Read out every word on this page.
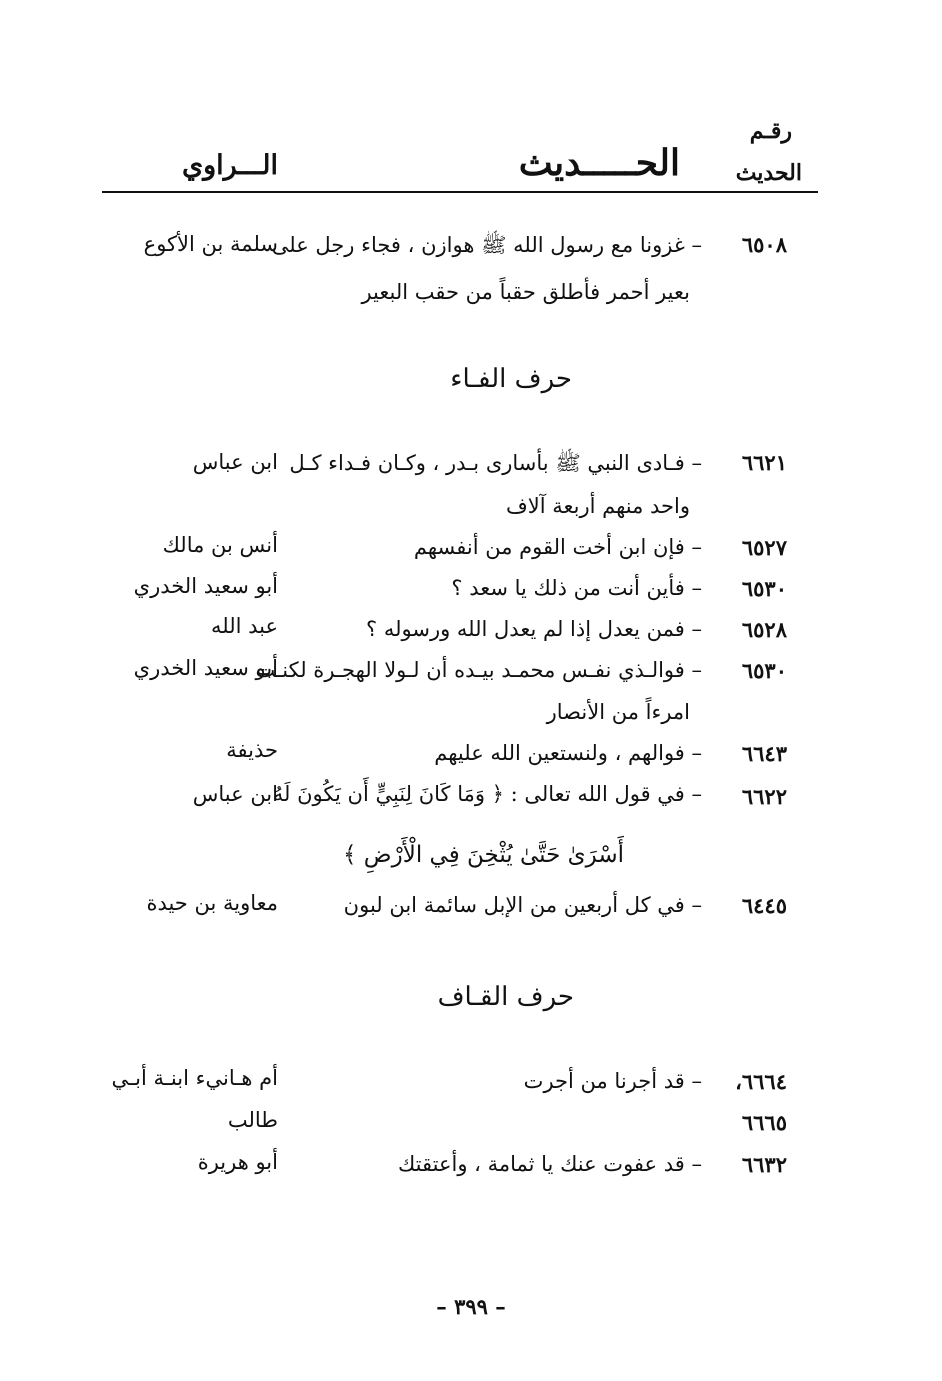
رقـم
الحديث
الحـــــديث
الـــراوي
٦٥٠٨
– غزونا مع رسول الله ﷺ هوازن ، فجاء رجل على
بعير أحمر فأطلق حقباً من حقب البعير
سلمة بن الأكوع
حرف الفـاء
٦٦٢١
– فـادى النبي ﷺ بأسارى بـدر ، وكـان فـداء كـل
واحد منهم أربعة آلاف
ابن عباس
٦٥٢٧
– فإن ابن أخت القوم من أنفسهم
أنس بن مالك
٦٥٣٠
– فأين أنت من ذلك يا سعد ؟
أبو سعيد الخدري
٦٥٢٨
– فمن يعدل إذا لم يعدل الله ورسوله ؟
عبد الله
٦٥٣٠
– فوالـذي نفـس محمـد بيـده أن لـولا الهجـرة لكنـت
امرءاً من الأنصار
أبو سعيد الخدري
٦٦٤٣
– فوالهم ، ولنستعين الله عليهم
حذيفة
٦٦٢٢
– في قول الله تعالى : ﴿ وَمَا كَانَ لِنَبِيٍّ أَن يَكُونَ لَهُ
أَسْرَىٰ حَتَّىٰ يُثْخِنَ فِي الْأَرْضِ ﴾
ابن عباس
٦٤٤٥
– في كل أربعين من الإبل سائمة ابن لبون
معاوية بن حيدة
حرف القـاف
٦٦٦٤،
٦٦٦٥
– قد أجرنا من أجرت
أم هـانيء ابنـة أبـي
طالب
٦٦٣٢
– قد عفوت عنك يا ثمامة ، وأعتقتك
أبو هريرة
– ٣٩٩ –
